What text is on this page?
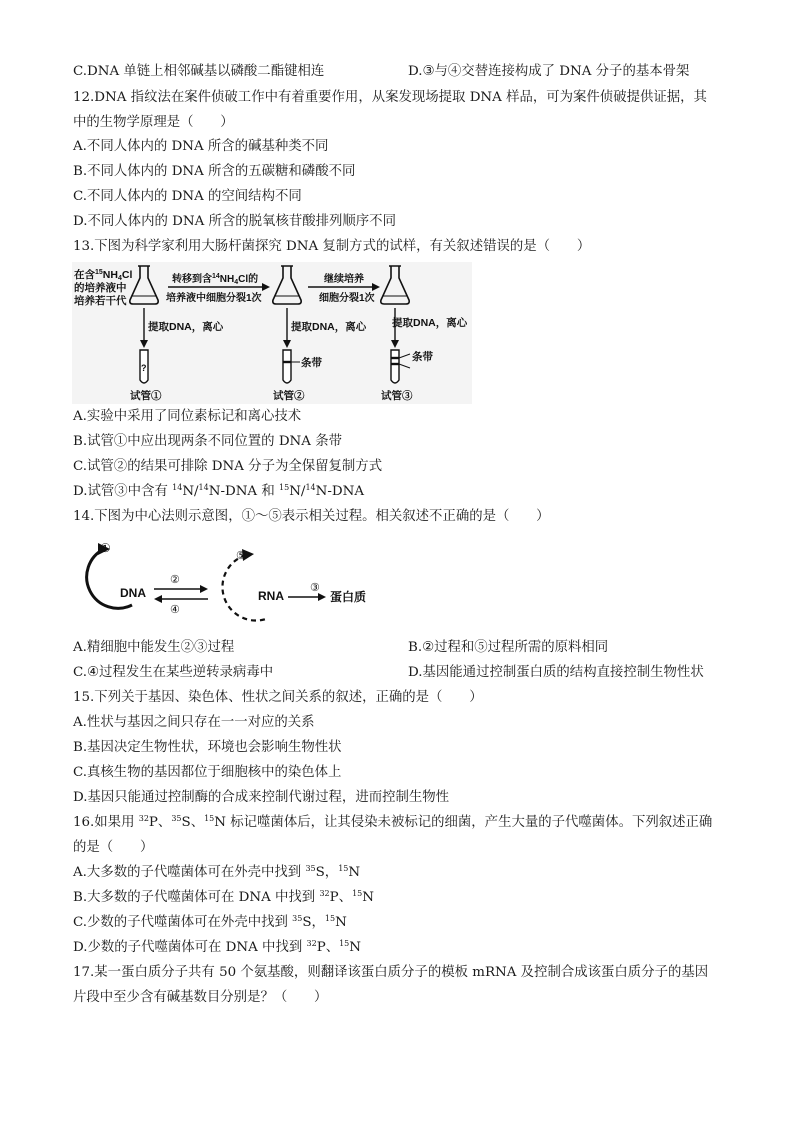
C.DNA 单链上相邻碱基以磷酸二酯键相连	D.③与④交替连接构成了 DNA 分子的基本骨架
12.DNA 指纹法在案件侦破工作中有着重要作用，从案发现场提取 DNA 样品，可为案件侦破提供证据，其
中的生物学原理是（　　）
A.不同人体内的 DNA 所含的碱基种类不同
B.不同人体内的 DNA 所含的五碳糖和磷酸不同
C.不同人体内的 DNA 的空间结构不同
D.不同人体内的 DNA 所含的脱氧核苷酸排列顺序不同
13.下图为科学家利用大肠杆菌探究 DNA 复制方式的试样，有关叙述错误的是（　　）
在含$^{15}$NH4Cl
的培养液中
培养若干代
转移到含$^{14}NH_4Cl$的
培养液中细胞分裂1次
继续培养
细胞分裂1次
提取DNA，离心	提取DNA，离心 提取DNA，离心
?	条带	条带
试管①	试管②	试管③
A.实验中采用了同位素标记和离心技术
B.试管①中应出现两条不同位置的 DNA 条带
C.试管②的结果可排除 DNA 分子为全保留复制方式
D.试管③中含有 $^{14}$N/$^{14}$N-DNA 和 $^{15}$N/$^{14}$N-DNA
14.下图为中心法则示意图，①～⑤表示相关过程。相关叙述不正确的是（　　）
①
DNA
②
④
⑤
RNA
③
蛋白质
A.精细胞中能发生②③过程	B.②过程和⑤过程所需的原料相同
C.④过程发生在某些逆转录病毒中	D.基因能通过控制蛋白质的结构直接控制生物性状
15.下列关于基因、染色体、性状之间关系的叙述，正确的是（　　）
A.性状与基因之间只存在一一对应的关系
B.基因决定生物性状，环境也会影响生物性状
C.真核生物的基因都位于细胞核中的染色体上
D.基因只能通过控制酶的合成来控制代谢过程，进而控制生物性
16.如果用 $^{32}$P、$^{35}$S、$^{15}$N 标记噬菌体后，让其侵染未被标记的细菌，产生大量的子代噬菌体。下列叙述正确
的是（　　）
A.大多数的子代噬菌体可在外壳中找到 $^{35}$S，$^{15}$N
B.大多数的子代噬菌体可在 DNA 中找到 $^{32}$P、$^{15}$N
C.少数的子代噬菌体可在外壳中找到 $^{35}$S，$^{15}$N
D.少数的子代噬菌体可在 DNA 中找到 $^{32}$P、$^{15}$N
17.某一蛋白质分子共有 50 个氨基酸，则翻译该蛋白质分子的模板 mRNA 及控制合成该蛋白质分子的基因
片段中至少含有碱基数目分别是？（　　）
